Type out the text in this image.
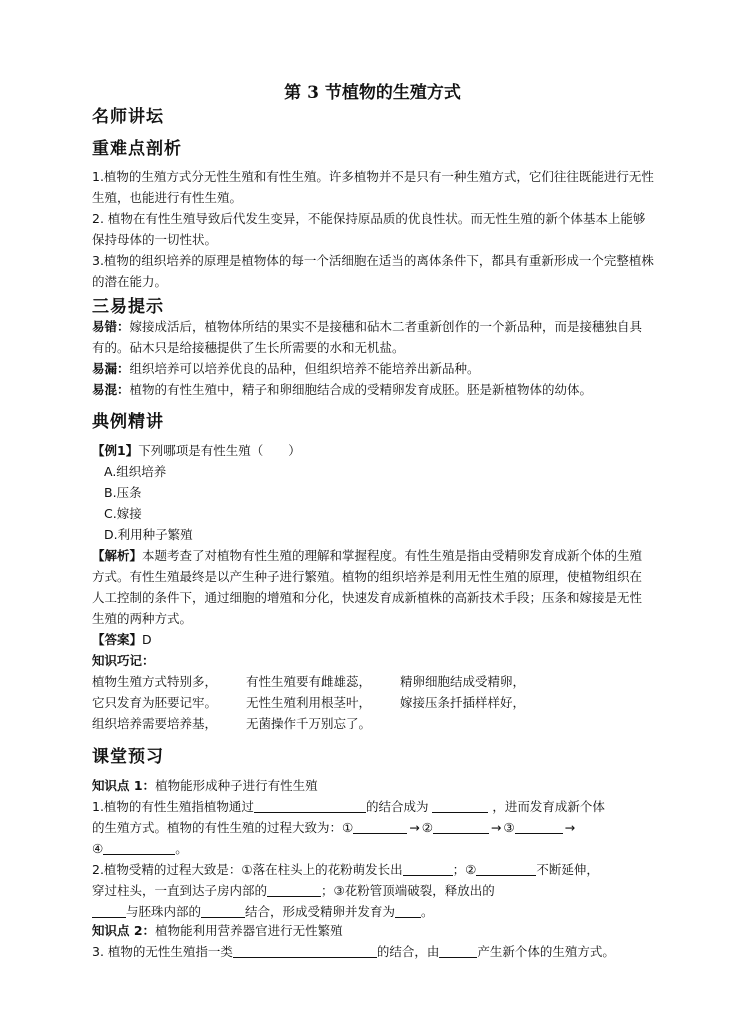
第 3 节植物的生殖方式
名师讲坛
重难点剖析
1.植物的生殖方式分无性生殖和有性生殖。许多植物并不是只有一种生殖方式，它们往往既能进行无性生殖，也能进行有性生殖。
2. 植物在有性生殖导致后代发生变异，不能保持原品质的优良性状。而无性生殖的新个体基本上能够保持母体的一切性状。
3.植物的组织培养的原理是植物体的每一个活细胞在适当的离体条件下，都具有重新形成一个完整植株的潜在能力。
三易提示
易错：嫁接成活后，植物体所结的果实不是接穗和砧木二者重新创作的一个新品种，而是接穗独自具有的。砧木只是给接穗提供了生长所需要的水和无机盐。
易漏：组织培养可以培养优良的品种，但组织培养不能培养出新品种。
易混：植物的有性生殖中，精子和卵细胞结合成的受精卵发育成胚。胚是新植物体的幼体。
典例精讲
【例1】下列哪项是有性生殖（　　）
A.组织培养
B.压条
C.嫁接
D.利用种子繁殖
【解析】本题考查了对植物有性生殖的理解和掌握程度。有性生殖是指由受精卵发育成新个体的生殖方式。有性生殖最终是以产生种子进行繁殖。植物的组织培养是利用无性生殖的原理，使植物组织在人工控制的条件下，通过细胞的增殖和分化，快速发育成新植株的高新技术手段；压条和嫁接是无性生殖的两种方式。
【答案】D
知识巧记：
植物生殖方式特别多， 有性生殖要有雌雄蕊， 精卵细胞结成受精卵，
它只发育为胚要记牢。 无性生殖利用根茎叶， 嫁接压条扦插样样好，
组织培养需要培养基， 无菌操作千万别忘了。
课堂预习
知识点 1：植物能形成种子进行有性生殖
1.植物的有性生殖指植物通过	的结合成为	，进而发育成新个体
的生殖方式。植物的有性生殖的过程大致为：①	→ ②	→ ③	→
④	。
2.植物受精的过程大致是：①落在柱头上的花粉萌发长出	；②	不断延伸，
穿过柱头，一直到达子房内部的	；③花粉管顶端破裂，释放出的
与胚珠内部的	结合，形成受精卵并发育为 。
知识点 2：植物能利用营养器官进行无性繁殖
3. 植物的无性生殖指一类	的结合，由	产生新个体的生殖方式。
